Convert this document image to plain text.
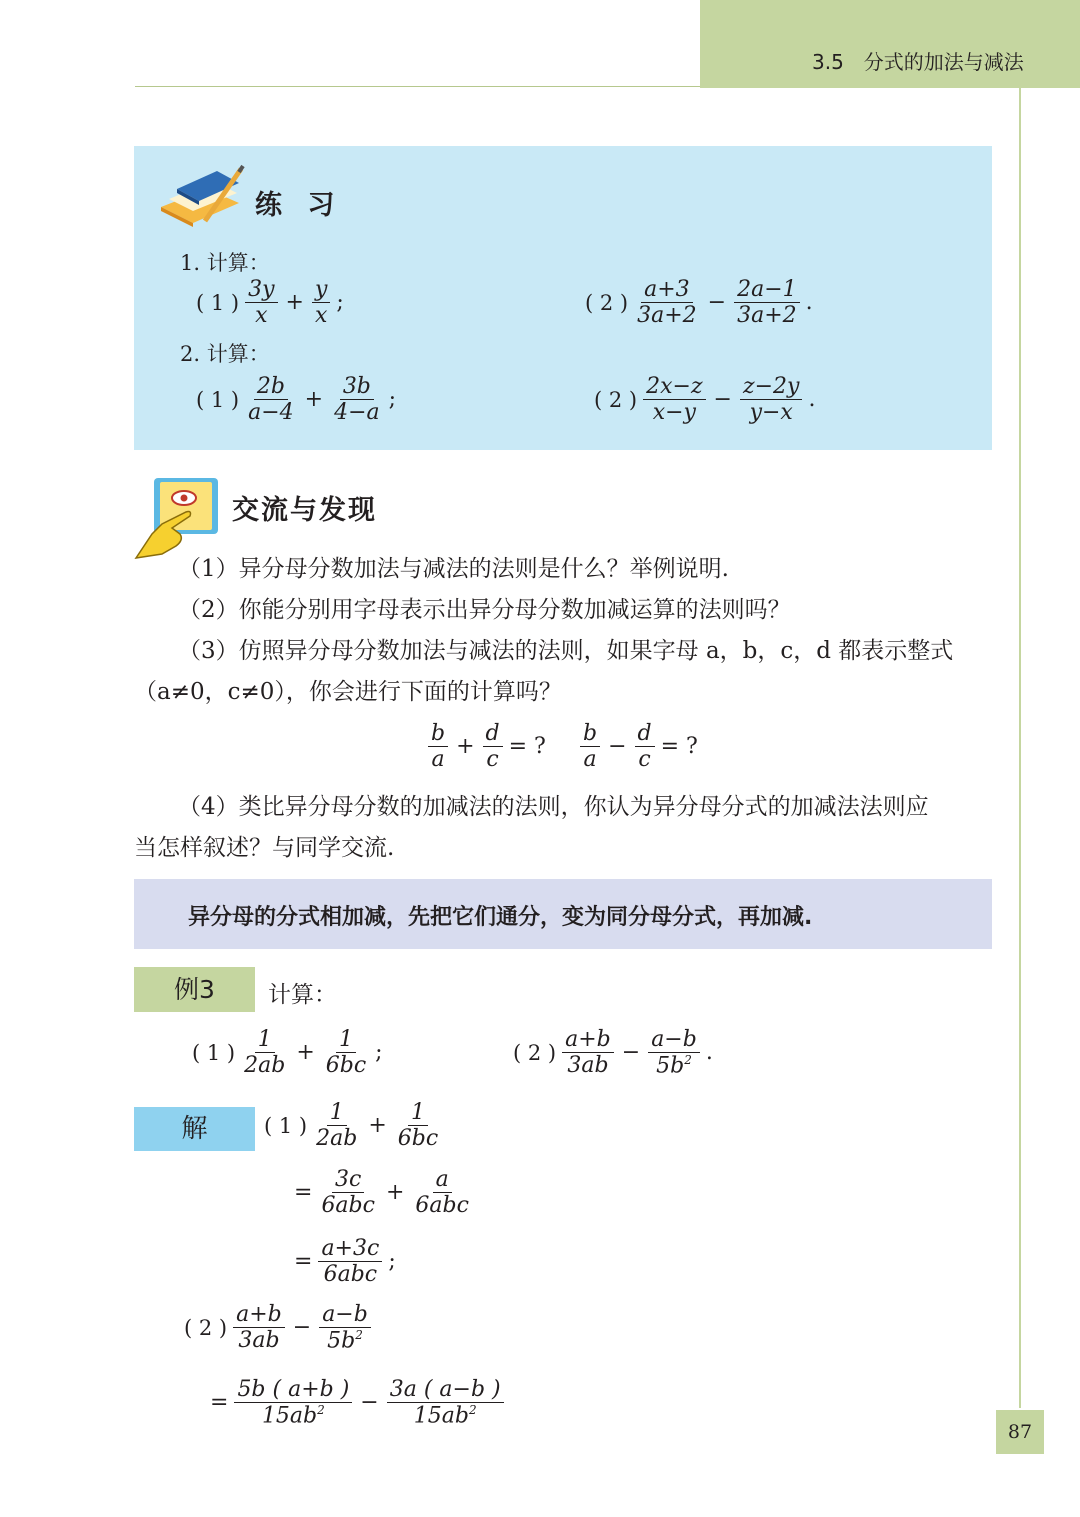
3.5　分式的加法与减法
练 习
1. 计算：
( 1 ) $\frac{3y}{x} + \frac{y}{x}$ ;	( 2 ) $\frac{a+3}{3a+2} - \frac{2a-1}{3a+2}$ .
2. 计算：
( 1 ) $\frac{2b}{a-4} + \frac{3b}{4-a}$ ;	( 2 ) $\frac{2x-z}{x-y} - \frac{z-2y}{y-x}$ .
交流与发现
（1）异分母分数加法与减法的法则是什么？举例说明.
（2）你能分别用字母表示出异分母分数加减运算的法则吗？
（3）仿照异分母分数加法与减法的法则，如果字母 a，b，c，d 都表示整式
（a≠0，c≠0），你会进行下面的计算吗？
$\frac{b}{a} + \frac{d}{c}$ = ? $\frac{b}{a} - \frac{d}{c}$ = ?
（4）类比异分母分数的加减法的法则，你认为异分母分式的加减法法则应
当怎样叙述？与同学交流.
异分母的分式相加减，先把它们通分，变为同分母分式，再加减.
例3	计算：
( 1 ) $\frac{1}{2ab} + \frac{1}{6bc}$ ;	( 2 ) $\frac{a+b}{3ab} - \frac{a-b}{5b^2}$ .
解	( 1 ) $\frac{1}{2ab} + \frac{1}{6bc}$
= $\frac{3c}{\text{6abc}} + \frac{a}{\text{6abc}}$
= $\frac{a+3c}{\text{6abc}}$ ;
( 2 ) $\frac{a+b}{3ab} - \frac{a-b}{5b^2}$
= $\frac{5b ( a+b )}{15ab^2} - \frac{3a ( a-b )}{15ab^2}$
87
